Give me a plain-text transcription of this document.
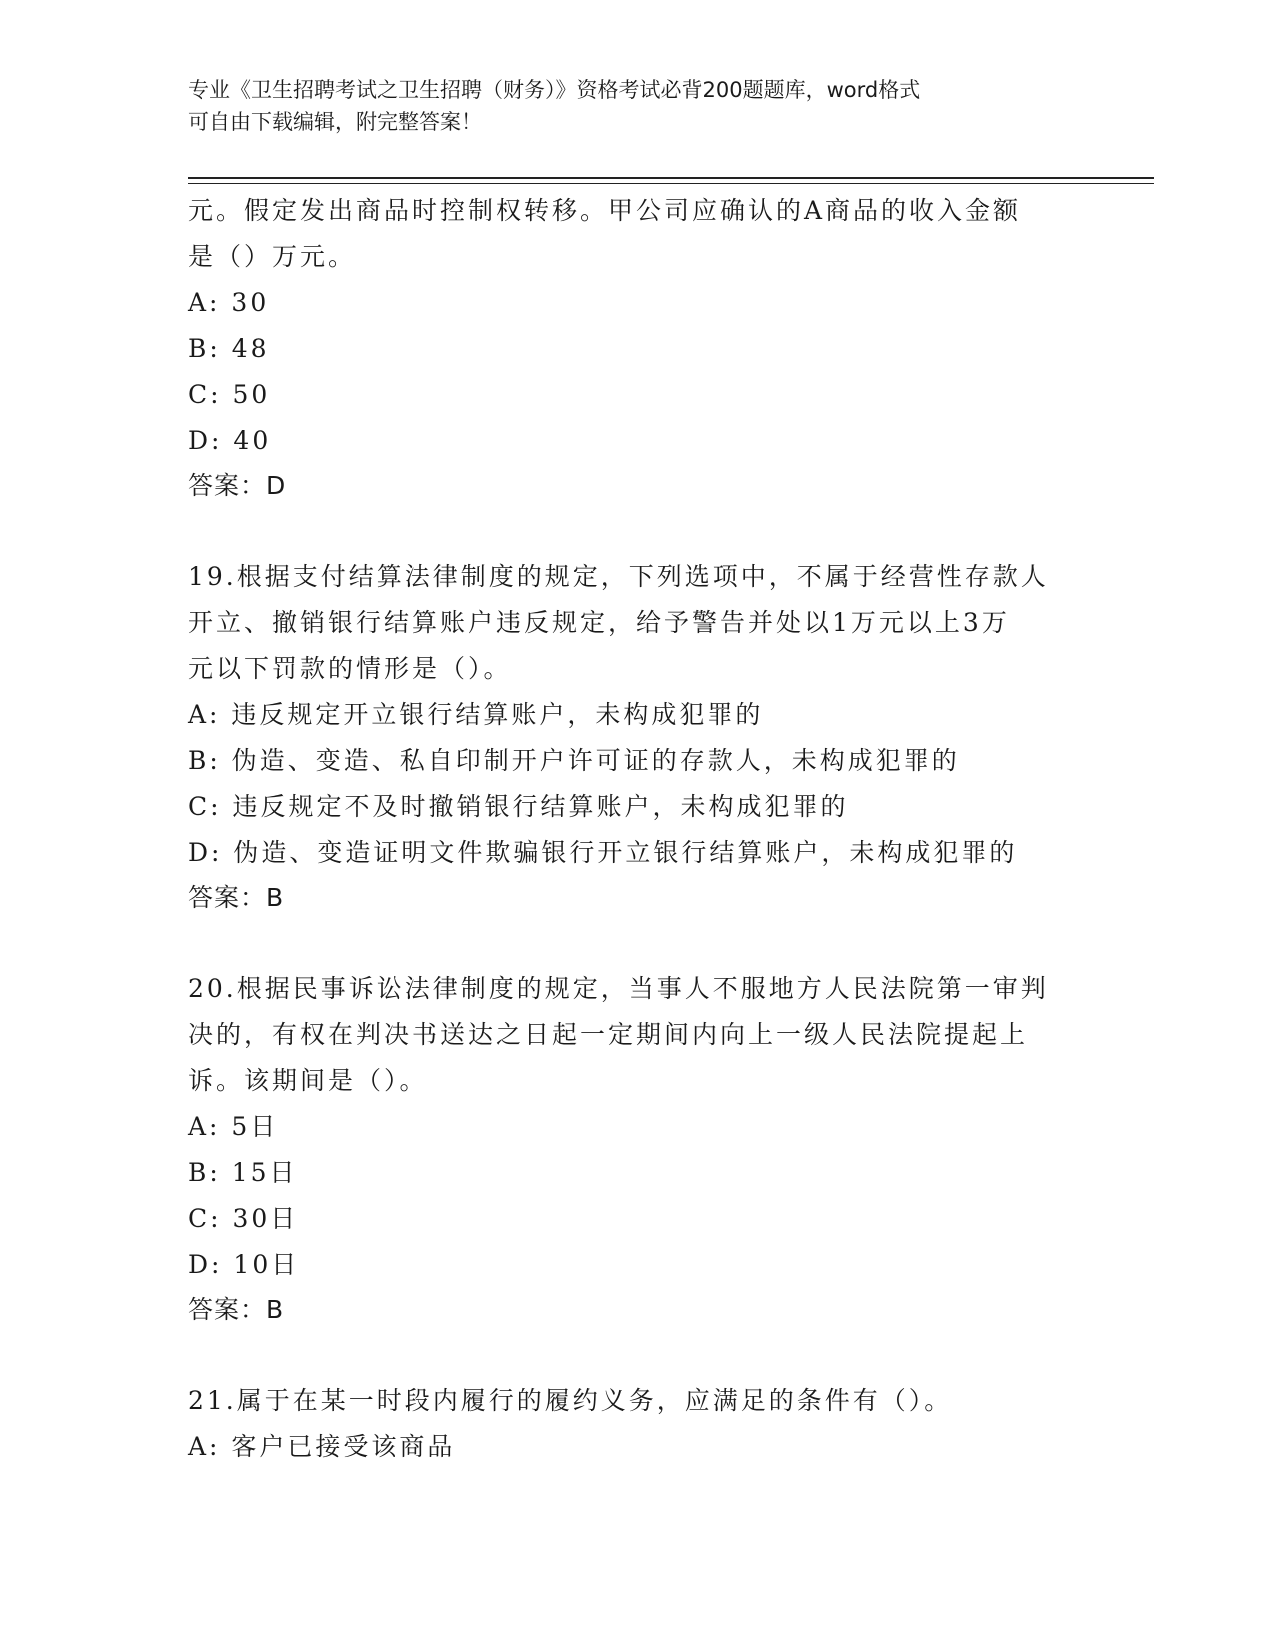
专业《卫生招聘考试之卫生招聘（财务）》资格考试必背200题题库，word格式
可自由下载编辑，附完整答案！
元。假定发出商品时控制权转移。甲公司应确认的A商品的收入金额
是（）万元。
A: 30
B: 48
C: 50
D: 40
答案：D
19.根据支付结算法律制度的规定，下列选项中，不属于经营性存款人
开立、撤销银行结算账户违反规定，给予警告并处以1万元以上3万
元以下罚款的情形是（）。
A: 违反规定开立银行结算账户，未构成犯罪的
B: 伪造、变造、私自印制开户许可证的存款人，未构成犯罪的
C: 违反规定不及时撤销银行结算账户，未构成犯罪的
D: 伪造、变造证明文件欺骗银行开立银行结算账户，未构成犯罪的
答案：B
20.根据民事诉讼法律制度的规定，当事人不服地方人民法院第一审判
决的，有权在判决书送达之日起一定期间内向上一级人民法院提起上
诉。该期间是（）。
A: 5日
B: 15日
C: 30日
D: 10日
答案：B
21.属于在某一时段内履行的履约义务，应满足的条件有（）。
A: 客户已接受该商品
